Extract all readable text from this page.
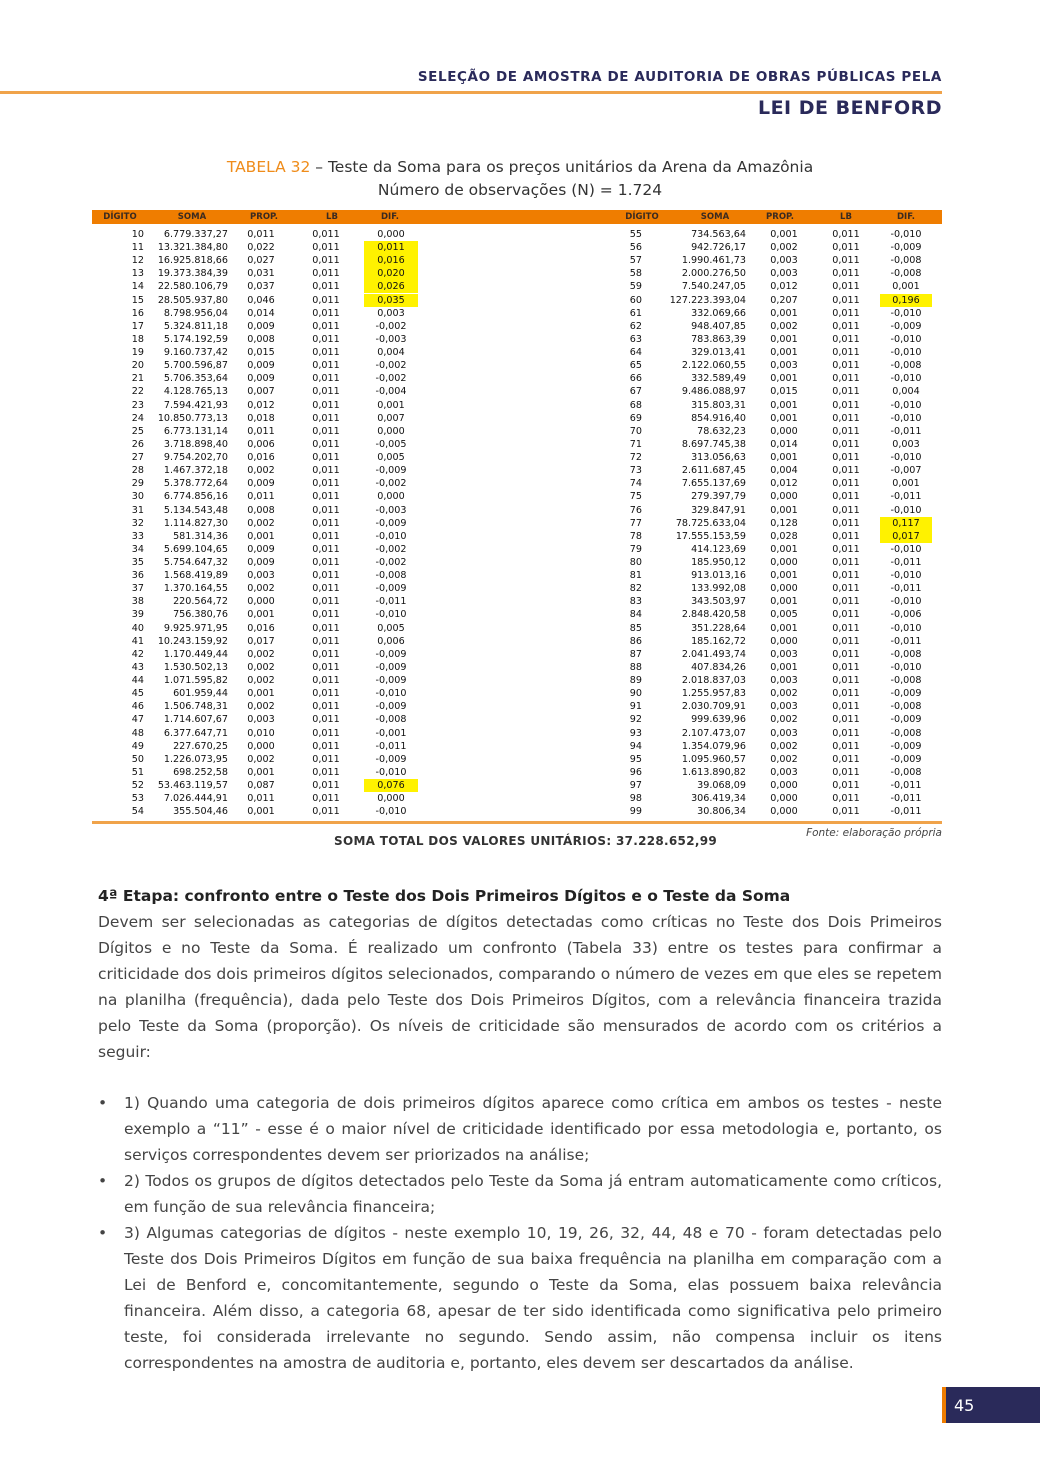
SELEÇÃO DE AMOSTRA DE AUDITORIA DE OBRAS PÚBLICAS PELA
LEI DE BENFORD
TABELA 32 – Teste da Soma para os preços unitários da Arena da Amazônia
Número de observações (N) = 1.724
DÍGITO	SOMA	PROP.	LB	DIF.	DÍGITO	SOMA	PROP.	LB	DIF.
10	6.779.337,27	0,011	0,011	0,000
11	13.321.384,80	0,022	0,011	0,011
12	16.925.818,66	0,027	0,011	0,016
13	19.373.384,39	0,031	0,011	0,020
14	22.580.106,79	0,037	0,011	0,026
15	28.505.937,80	0,046	0,011	0,035
16	8.798.956,04	0,014	0,011	0,003
17	5.324.811,18	0,009	0,011	-0,002
18	5.174.192,59	0,008	0,011	-0,003
19	9.160.737,42	0,015	0,011	0,004
20	5.700.596,87	0,009	0,011	-0,002
21	5.706.353,64	0,009	0,011	-0,002
22	4.128.765,13	0,007	0,011	-0,004
23	7.594.421,93	0,012	0,011	0,001
24	10.850.773,13	0,018	0,011	0,007
25	6.773.131,14	0,011	0,011	0,000
26	3.718.898,40	0,006	0,011	-0,005
27	9.754.202,70	0,016	0,011	0,005
28	1.467.372,18	0,002	0,011	-0,009
29	5.378.772,64	0,009	0,011	-0,002
30	6.774.856,16	0,011	0,011	0,000
31	5.134.543,48	0,008	0,011	-0,003
32	1.114.827,30	0,002	0,011	-0,009
33	581.314,36	0,001	0,011	-0,010
34	5.699.104,65	0,009	0,011	-0,002
35	5.754.647,32	0,009	0,011	-0,002
36	1.568.419,89	0,003	0,011	-0,008
37	1.370.164,55	0,002	0,011	-0,009
38	220.564,72	0,000	0,011	-0,011
39	756.380,76	0,001	0,011	-0,010
40	9.925.971,95	0,016	0,011	0,005
41	10.243.159,92	0,017	0,011	0,006
42	1.170.449,44	0,002	0,011	-0,009
43	1.530.502,13	0,002	0,011	-0,009
44	1.071.595,82	0,002	0,011	-0,009
45	601.959,44	0,001	0,011	-0,010
46	1.506.748,31	0,002	0,011	-0,009
47	1.714.607,67	0,003	0,011	-0,008
48	6.377.647,71	0,010	0,011	-0,001
49	227.670,25	0,000	0,011	-0,011
50	1.226.073,95	0,002	0,011	-0,009
51	698.252,58	0,001	0,011	-0,010
52	53.463.119,57	0,087	0,011	0,076
53	7.026.444,91	0,011	0,011	0,000
54	355.504,46	0,001	0,011	-0,010
55	734.563,64	0,001	0,011	-0,010
56	942.726,17	0,002	0,011	-0,009
57	1.990.461,73	0,003	0,011	-0,008
58	2.000.276,50	0,003	0,011	-0,008
59	7.540.247,05	0,012	0,011	0,001
60	127.223.393,04	0,207	0,011	0,196
61	332.069,66	0,001	0,011	-0,010
62	948.407,85	0,002	0,011	-0,009
63	783.863,39	0,001	0,011	-0,010
64	329.013,41	0,001	0,011	-0,010
65	2.122.060,55	0,003	0,011	-0,008
66	332.589,49	0,001	0,011	-0,010
67	9.486.088,97	0,015	0,011	0,004
68	315.803,31	0,001	0,011	-0,010
69	854.916,40	0,001	0,011	-0,010
70	78.632,23	0,000	0,011	-0,011
71	8.697.745,38	0,014	0,011	0,003
72	313.056,63	0,001	0,011	-0,010
73	2.611.687,45	0,004	0,011	-0,007
74	7.655.137,69	0,012	0,011	0,001
75	279.397,79	0,000	0,011	-0,011
76	329.847,91	0,001	0,011	-0,010
77	78.725.633,04	0,128	0,011	0,117
78	17.555.153,59	0,028	0,011	0,017
79	414.123,69	0,001	0,011	-0,010
80	185.950,12	0,000	0,011	-0,011
81	913.013,16	0,001	0,011	-0,010
82	133.992,08	0,000	0,011	-0,011
83	343.503,97	0,001	0,011	-0,010
84	2.848.420,58	0,005	0,011	-0,006
85	351.228,64	0,001	0,011	-0,010
86	185.162,72	0,000	0,011	-0,011
87	2.041.493,74	0,003	0,011	-0,008
88	407.834,26	0,001	0,011	-0,010
89	2.018.837,03	0,003	0,011	-0,008
90	1.255.957,83	0,002	0,011	-0,009
91	2.030.709,91	0,003	0,011	-0,008
92	999.639,96	0,002	0,011	-0,009
93	2.107.473,07	0,003	0,011	-0,008
94	1.354.079,96	0,002	0,011	-0,009
95	1.095.960,57	0,002	0,011	-0,009
96	1.613.890,82	0,003	0,011	-0,008
97	39.068,09	0,000	0,011	-0,011
98	306.419,34	0,000	0,011	-0,011
99	30.806,34	0,000	0,011	-0,011
SOMA TOTAL DOS VALORES UNITÁRIOS: 37.228.652,99
Fonte: elaboração própria
4ª Etapa: confronto entre o Teste dos Dois Primeiros Dígitos e o Teste da Soma
Devem ser selecionadas as categorias de dígitos detectadas como críticas no Teste dos Dois Primeiros Dígitos e no Teste da Soma. É realizado um confronto (Tabela 33) entre os testes para confirmar a criticidade dos dois primeiros dígitos selecionados, comparando o número de vezes em que eles se repetem na planilha (frequência), dada pelo Teste dos Dois Primeiros Dígitos, com a relevância financeira trazida pelo Teste da Soma (proporção). Os níveis de criticidade são mensurados de acordo com os critérios a seguir:
• 1) Quando uma categoria de dois primeiros dígitos aparece como crítica em ambos os testes - neste exemplo a “11” - esse é o maior nível de criticidade identificado por essa metodologia e, portanto, os serviços correspondentes devem ser priorizados na análise;
• 2) Todos os grupos de dígitos detectados pelo Teste da Soma já entram automaticamente como críticos, em função de sua relevância financeira;
• 3) Algumas categorias de dígitos - neste exemplo 10, 19, 26, 32, 44, 48 e 70 - foram detectadas pelo Teste dos Dois Primeiros Dígitos em função de sua baixa frequência na planilha em comparação com a Lei de Benford e, concomitantemente, segundo o Teste da Soma, elas possuem baixa relevância financeira. Além disso, a categoria 68, apesar de ter sido identificada como significativa pelo primeiro teste, foi considerada irrelevante no segundo. Sendo assim, não compensa incluir os itens correspondentes na amostra de auditoria e, portanto, eles devem ser descartados da análise.
45
